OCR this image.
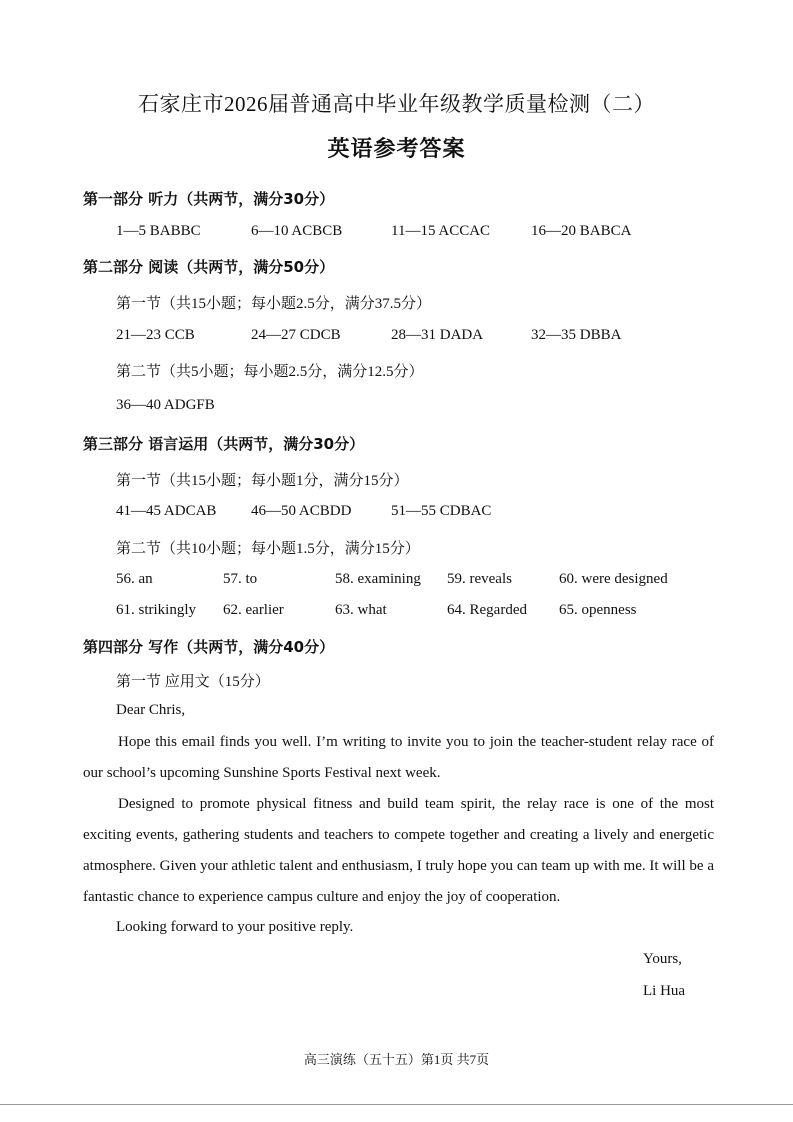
石家庄市2026届普通高中毕业年级教学质量检测（二）
英语参考答案
第一部分 听力（共两节，满分30分）
1—5 BABBC	6—10 ACBCB	11—15 ACCAC	16—20 BABCA
第二部分 阅读（共两节，满分50分）
第一节（共15小题；每小题2.5分，满分37.5分）
21—23 CCB	24—27 CDCB	28—31 DADA	32—35 DBBA
第二节（共5小题；每小题2.5分，满分12.5分）
36—40 ADGFB
第三部分 语言运用（共两节，满分30分）
第一节（共15小题；每小题1分，满分15分）
41—45 ADCAB 46—50 ACBDD	51—55 CDBAC
第二节（共10小题；每小题1.5分，满分15分）
56. an	57. to	58. examining 59. reveals	60. were designed
61. strikingly 62. earlier	63. what	64. Regarded 65. openness
第四部分 写作（共两节，满分40分）
第一节 应用文（15分）
Dear Chris,
Hope this email finds you well. I’m writing to invite you to join the teacher-student relay race of our school’s upcoming Sunshine Sports Festival next week.
Designed to promote physical fitness and build team spirit, the relay race is one of the most exciting events, gathering students and teachers to compete together and creating a lively and energetic atmosphere. Given your athletic talent and enthusiasm, I truly hope you can team up with me. It will be a fantastic chance to experience campus culture and enjoy the joy of cooperation.
Looking forward to your positive reply.
Yours,
Li Hua
高三演练（五十五）第1页 共7页
